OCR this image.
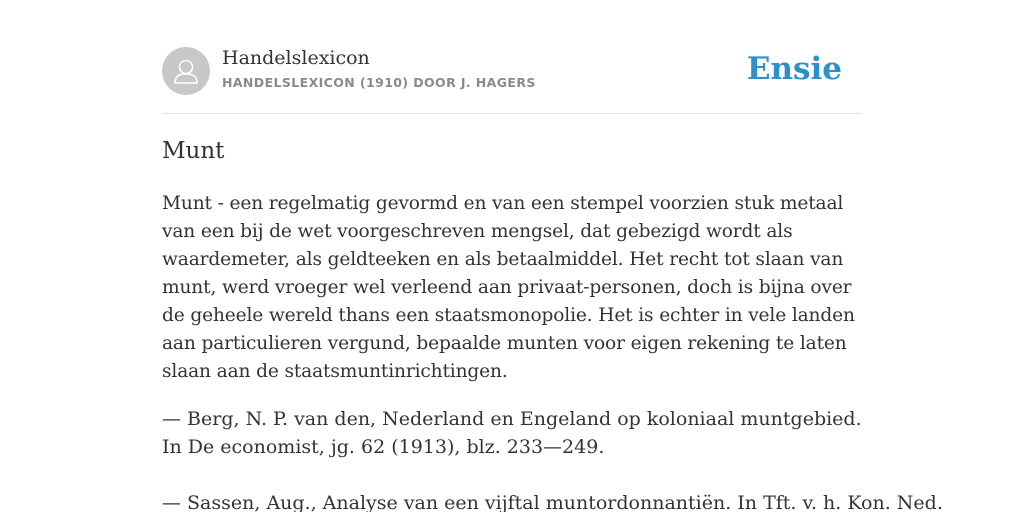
Handelslexicon
HANDELSLEXICON (1910) DOOR J. HAGERS	Ensie
Munt

Munt - een regelmatig gevormd en van een stempel voorzien stuk metaal van een bij de wet voorgeschreven mengsel, dat gebezigd wordt als waardemeter, als geldteeken en als betaalmiddel. Het recht tot slaan van munt, werd vroeger wel verleend aan privaat-personen, doch is bijna over de geheele wereld thans een staatsmonopolie. Het is echter in vele landen aan particulieren vergund, bepaalde munten voor eigen rekening te laten slaan aan de staatsmuntinrichtingen.

— Berg, N. P. van den, Nederland en Engeland op koloniaal muntgebied. In De economist, jg. 62 (1913), blz. 233—249.

— Sassen, Aug., Analyse van een vijftal muntordonnantiën. In Tft. v. h. Kon. Ned.
